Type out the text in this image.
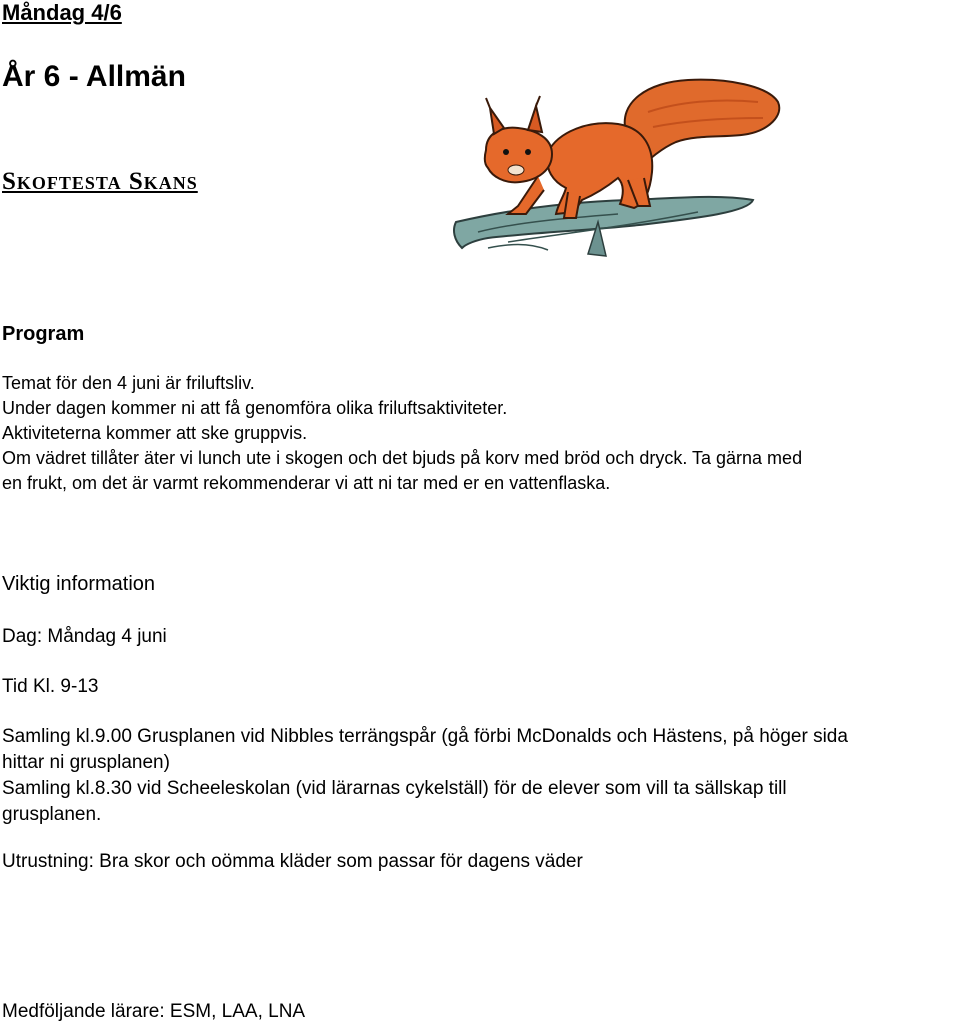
Måndag 4/6
År 6 - Allmän
Skoftesta Skans
Program
Temat för den 4 juni är friluftsliv.
Under dagen kommer ni att få genomföra olika friluftsaktiviteter.
Aktiviteterna kommer att ske gruppvis.
Om vädret tillåter äter vi lunch ute i skogen och det bjuds på korv med bröd och dryck. Ta gärna med
en frukt, om det är varmt rekommenderar vi att ni tar med er en vattenflaska.
Viktig information
Dag: Måndag 4 juni
Tid Kl. 9-13
Samling kl.9.00 Grusplanen vid Nibbles terrängspår (gå förbi McDonalds och Hästens, på höger sida
hittar ni grusplanen)
Samling kl.8.30 vid Scheeleskolan (vid lärarnas cykelställ) för de elever som vill ta sällskap till
grusplanen.
Utrustning: Bra skor och oömma kläder som passar för dagens väder
Medföljande lärare: ESM, LAA, LNA
